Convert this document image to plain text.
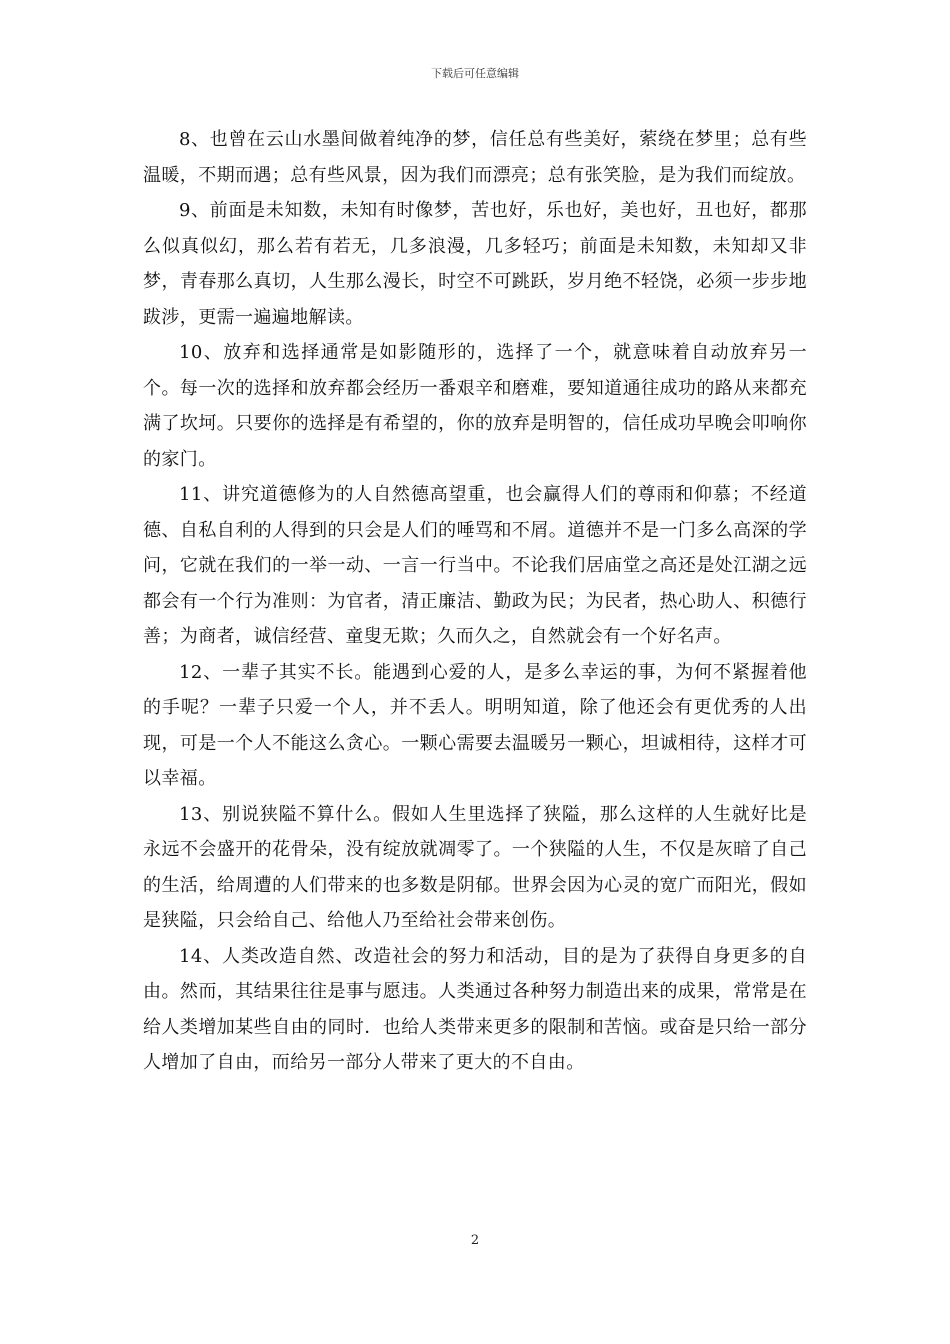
下载后可任意编辑

8、也曾在云山水墨间做着纯净的梦，信任总有些美好，萦绕在梦里；总有些温暖，不期而遇；总有些风景，因为我们而漂亮；总有张笑脸，是为我们而绽放。

9、前面是未知数，未知有时像梦，苦也好，乐也好，美也好，丑也好，都那么似真似幻，那么若有若无，几多浪漫，几多轻巧；前面是未知数，未知却又非梦，青春那么真切，人生那么漫长，时空不可跳跃，岁月绝不轻饶，必须一步步地跋涉，更需一遍遍地解读。

10、放弃和选择通常是如影随形的，选择了一个，就意味着自动放弃另一个。每一次的选择和放弃都会经历一番艰辛和磨难，要知道通往成功的路从来都充满了坎坷。只要你的选择是有希望的，你的放弃是明智的，信任成功早晚会叩响你的家门。

11、讲究道德修为的人自然德高望重，也会赢得人们的尊雨和仰慕；不经道德、自私自利的人得到的只会是人们的唾骂和不屑。道德并不是一门多么高深的学问，它就在我们的一举一动、一言一行当中。不论我们居庙堂之高还是处江湖之远都会有一个行为准则：为官者，清正廉洁、勤政为民；为民者，热心助人、积德行善；为商者，诚信经营、童叟无欺；久而久之，自然就会有一个好名声。

12、一辈子其实不长。能遇到心爱的人，是多么幸运的事，为何不紧握着他的手呢？一辈子只爱一个人，并不丢人。明明知道，除了他还会有更优秀的人出现，可是一个人不能这么贪心。一颗心需要去温暖另一颗心，坦诚相待，这样才可以幸福。

13、别说狭隘不算什么。假如人生里选择了狭隘，那么这样的人生就好比是永远不会盛开的花骨朵，没有绽放就凋零了。一个狭隘的人生，不仅是灰暗了自己的生活，给周遭的人们带来的也多数是阴郁。世界会因为心灵的宽广而阳光，假如是狭隘，只会给自己、给他人乃至给社会带来创伤。

14、人类改造自然、改造社会的努力和活动，目的是为了获得自身更多的自由。然而，其结果往往是事与愿违。人类通过各种努力制造出来的成果，常常是在给人类增加某些自由的同时．也给人类带来更多的限制和苦恼。或奋是只给一部分人增加了自由，而给另一部分人带来了更大的不自由。

2
